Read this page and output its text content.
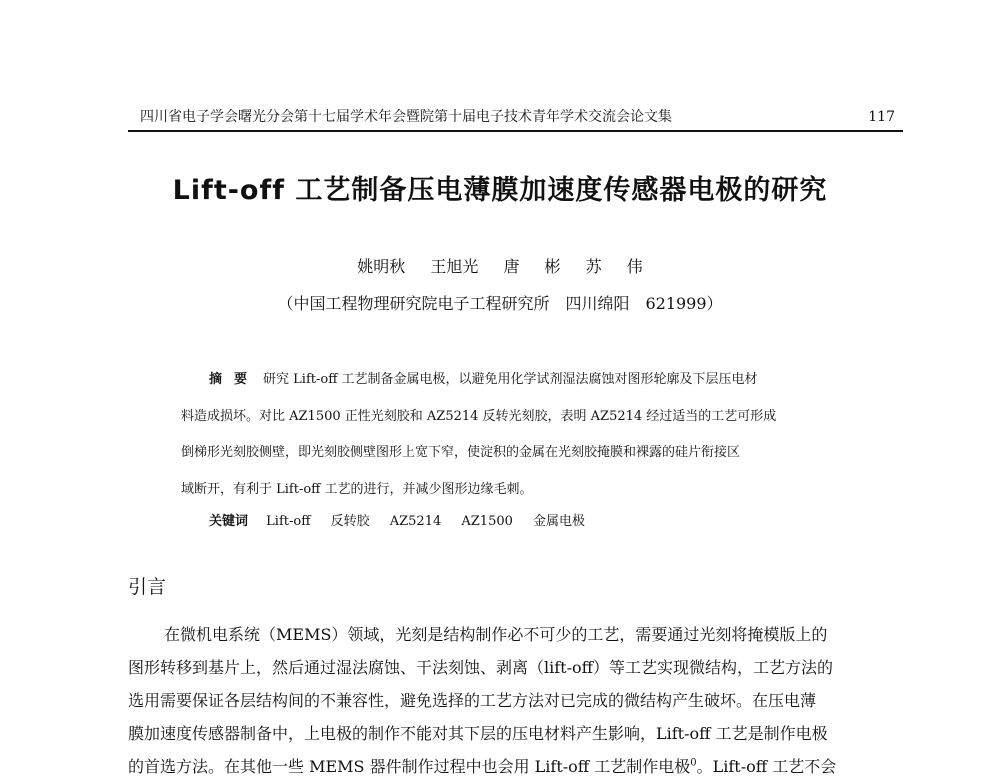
四川省电子学会曙光分会第十七届学术年会暨院第十届电子技术青年学术交流会论文集	117
Lift-off 工艺制备压电薄膜加速度传感器电极的研究
姚明秋 王旭光 唐 彬 苏 伟
（中国工程物理研究院电子工程研究所　四川绵阳　621999）
摘要 研究 Lift-off 工艺制备金属电极，以避免用化学试剂湿法腐蚀对图形轮廓及下层压电材
料造成损坏。对比 AZ1500 正性光刻胶和 AZ5214 反转光刻胶，表明 AZ5214 经过适当的工艺可形成
倒梯形光刻胶侧壁，即光刻胶侧壁图形上宽下窄，使淀积的金属在光刻胶掩膜和裸露的硅片衔接区
域断开，有利于 Lift-off 工艺的进行，并减少图形边缘毛刺。
关键词 Lift-off 反转胶 AZ5214 AZ1500 金属电极
引言
在微机电系统（MEMS）领域，光刻是结构制作必不可少的工艺，需要通过光刻将掩模版上的
图形转移到基片上，然后通过湿法腐蚀、干法刻蚀、剥离（lift-off）等工艺实现微结构，工艺方法的
选用需要保证各层结构间的不兼容性，避免选择的工艺方法对已完成的微结构产生破坏。在压电薄
膜加速度传感器制备中，上电极的制作不能对其下层的压电材料产生影响，Lift-off 工艺是制作电极
的首选方法。在其他一些 MEMS 器件制作过程中也会用 Lift-off 工艺制作电极$^0$。Lift-off 工艺不会
